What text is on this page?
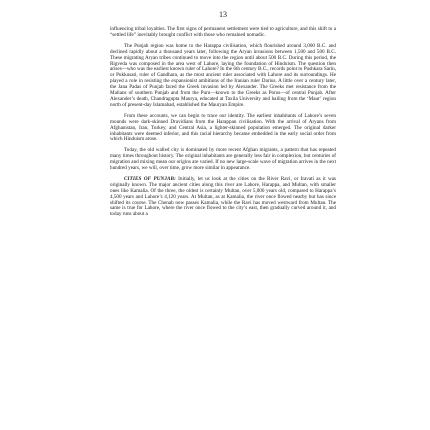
13

influencing tribal loyalties. The first signs of permanent settlement were tied to agriculture, and this shift to a “settled life” inevitably brought conflict with those who remained nomadic.

The Punjab region was home to the Harappa civilisation, which flourished around 3,000 B.C. and declined rapidly about a thousand years later, following the Aryan invasions between 1,500 and 500 B.C. These migrating Aryan tribes continued to move into the region until about 500 B.C. During this period, the Rigveda was composed in the area west of Lahore, laying the foundation of Hinduism. The question then arises—who was the earliest known ruler of Lahore? In the 6th century B.C., records point to Pushkara Sarin, or Pukkusati, ruler of Gandhara, as the most ancient ruler associated with Lahore and its surroundings. He played a role in resisting the expansionist ambitions of the Iranian ruler Darius. A little over a century later, the Jana Padas of Punjab faced the Greek invasion led by Alexander. The Greeks met resistance from the Malians of southern Punjab and from the Puru—known to the Greeks as Porus—of central Punjab. After Alexander’s death, Chandragupta Maurya, educated at Taxila University and hailing from the ‘Maur’ region north of present-day Islamabad, established the Mauryan Empire.

From these accounts, we can begin to trace our identity. The earliest inhabitants of Lahore’s seven mounds were dark-skinned Dravidians from the Harappan civilisation. With the arrival of Aryans from Afghanistan, Iran, Turkey, and Central Asia, a lighter-skinned population emerged. The original darker inhabitants were deemed inferior, and this racial hierarchy became embedded in the early social order from which Hinduism arose.

Today, the old walled city is dominated by more recent Afghan migrants, a pattern that has repeated many times throughout history. The original inhabitants are generally less fair in complexion, but centuries of migration and mixing mean our origins are varied. If no new large-scale wave of migration arrives in the next hundred years, we will, over time, grow more similar in appearance.

CITIES OF PUNJAB: Initially, let us look at the cities on the River Ravi, or Iravati as it was originally known. The major ancient cities along this river are Lahore, Harappa, and Multan, with smaller ones like Kamalia. Of the three, the oldest is certainly Multan, over 5,000 years old, compared to Harappa’s 4,500 years and Lahore’s 4,120 years. At Multan, as at Kamalia, the river once flowed nearby but has since shifted its course. The Chenab now passes Kamalia, while the Ravi has moved westward from Multan. The same is true for Lahore, where the river once flowed to the city’s east, then gradually curved around it, and today runs about a
